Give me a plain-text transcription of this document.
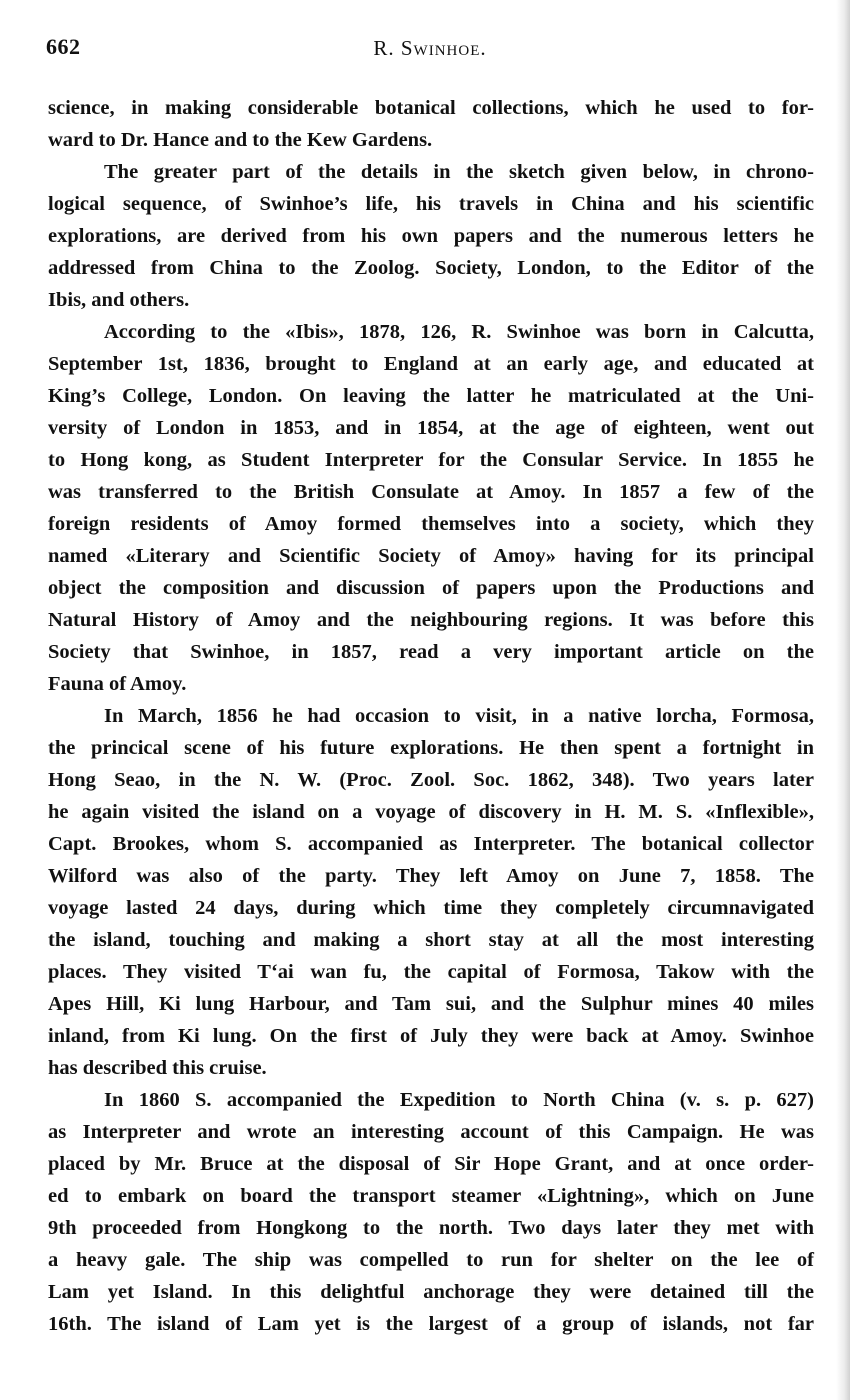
662	R. Swinhoe.
science, in making considerable botanical collections, which he used to for-
ward to Dr. Hance and to the Kew Gardens.
The greater part of the details in the sketch given below, in chrono-
logical sequence, of Swinhoe’s life, his travels in China and his scientific
explorations, are derived from his own papers and the numerous letters he
addressed from China to the Zoolog. Society, London, to the Editor of the
Ibis, and others.
According to the «Ibis», 1878, 126, R. Swinhoe was born in Calcutta,
September 1st, 1836, brought to England at an early age, and educated at
King’s College, London. On leaving the latter he matriculated at the Uni-
versity of London in 1853, and in 1854, at the age of eighteen, went out
to Hong kong, as Student Interpreter for the Consular Service. In 1855 he
was transferred to the British Consulate at Amoy. In 1857 a few of the
foreign residents of Amoy formed themselves into a society, which they
named «Literary and Scientific Society of Amoy» having for its principal
object the composition and discussion of papers upon the Productions and
Natural History of Amoy and the neighbouring regions. It was before this
Society that Swinhoe, in 1857, read a very important article on the
Fauna of Amoy.
In March, 1856 he had occasion to visit, in a native lorcha, Formosa,
the princical scene of his future explorations. He then spent a fortnight in
Hong Seao, in the N. W. (Proc. Zool. Soc. 1862, 348). Two years later
he again visited the island on a voyage of discovery in H. M. S. «Inflexible»,
Capt. Brookes, whom S. accompanied as Interpreter. The botanical collector
Wilford was also of the party. They left Amoy on June 7, 1858. The
voyage lasted 24 days, during which time they completely circumnavigated
the island, touching and making a short stay at all the most interesting
places. They visited T‘ai wan fu, the capital of Formosa, Takow with the
Apes Hill, Ki lung Harbour, and Tam sui, and the Sulphur mines 40 miles
inland, from Ki lung. On the first of July they were back at Amoy. Swinhoe
has described this cruise.
In 1860 S. accompanied the Expedition to North China (v. s. p. 627)
as Interpreter and wrote an interesting account of this Campaign. He was
placed by Mr. Bruce at the disposal of Sir Hope Grant, and at once order-
ed to embark on board the transport steamer «Lightning», which on June
9th proceeded from Hongkong to the north. Two days later they met with
a heavy gale. The ship was compelled to run for shelter on the lee of
Lam yet Island. In this delightful anchorage they were detained till the
16th. The island of Lam yet is the largest of a group of islands, not far
